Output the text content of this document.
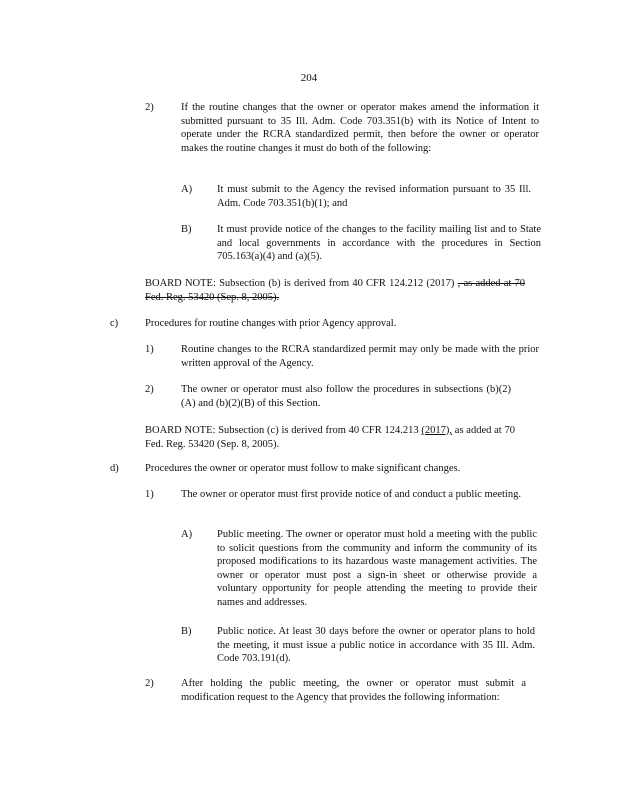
204
2)	If the routine changes that the owner or operator makes amend the information it submitted pursuant to 35 Ill. Adm. Code 703.351(b) with its Notice of Intent to operate under the RCRA standardized permit, then before the owner or operator makes the routine changes it must do both of the following:
A) It must submit to the Agency the revised information pursuant to 35 Ill. Adm. Code 703.351(b)(1); and
B) It must provide notice of the changes to the facility mailing list and to State and local governments in accordance with the procedures in Section 705.163(a)(4) and (a)(5).
BOARD NOTE: Subsection (b) is derived from 40 CFR 124.212 (2017) , as added at 70 Fed. Reg. 53420 (Sep. 8, 2005).
c)	Procedures for routine changes with prior Agency approval.
1)	Routine changes to the RCRA standardized permit may only be made with the prior written approval of the Agency.
2)	The owner or operator must also follow the procedures in subsections (b)(2)(A) and (b)(2)(B) of this Section.
BOARD NOTE: Subsection (c) is derived from 40 CFR 124.213 (2017), as added at 70 Fed. Reg. 53420 (Sep. 8, 2005).
d)	Procedures the owner or operator must follow to make significant changes.
1)	The owner or operator must first provide notice of and conduct a public meeting.
A) Public meeting. The owner or operator must hold a meeting with the public to solicit questions from the community and inform the community of its proposed modifications to its hazardous waste management activities. The owner or operator must post a sign-in sheet or otherwise provide a voluntary opportunity for people attending the meeting to provide their names and addresses.
B) Public notice. At least 30 days before the owner or operator plans to hold the meeting, it must issue a public notice in accordance with 35 Ill. Adm. Code 703.191(d).
2)	After holding the public meeting, the owner or operator must submit a modification request to the Agency that provides the following information:
